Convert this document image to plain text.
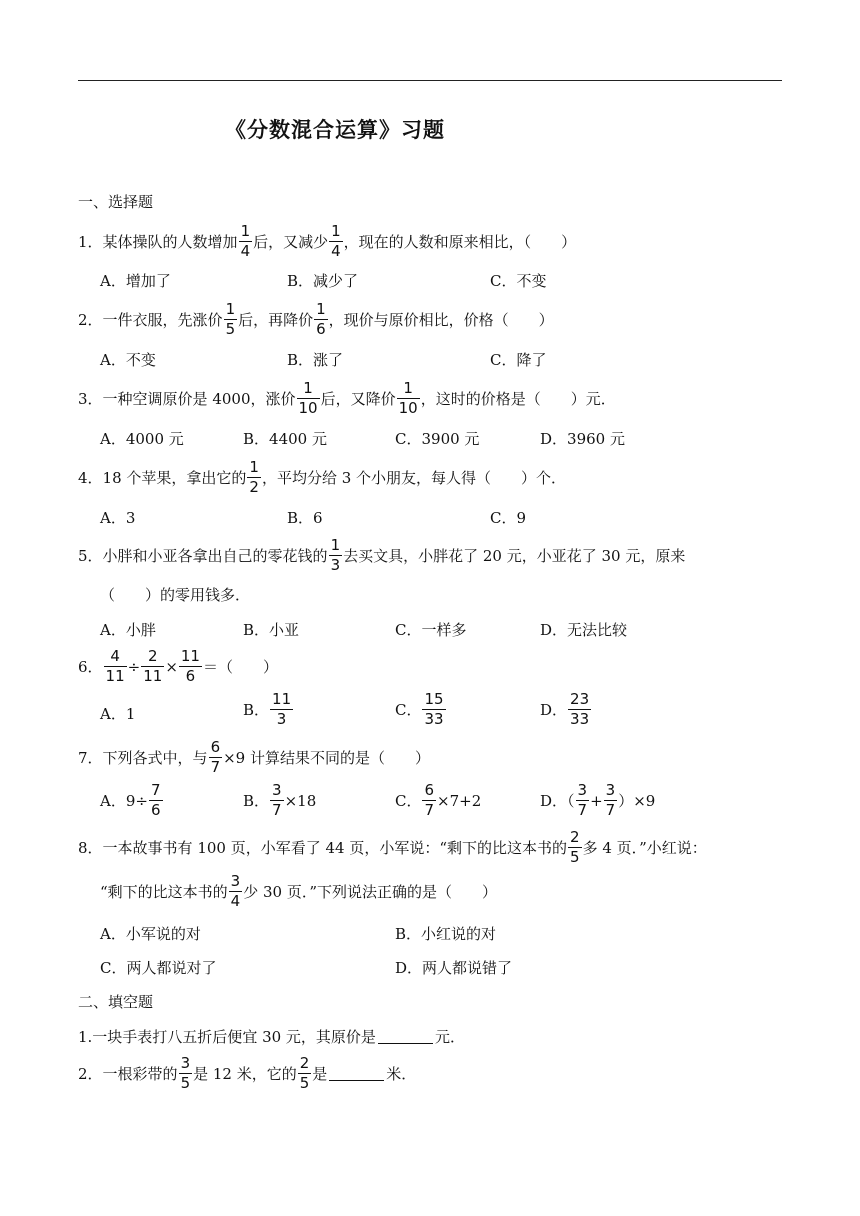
《分数混合运算》习题
一、选择题
1． 某体操队的人数增加 $\frac{1}{4}$ 后，又减少 $\frac{1}{4}$ ，现在的人数和原来相比，（　　）
A．增加了	B．减少了	C．不变
2． 一件衣服，先涨价 $\frac{1}{5}$ 后，再降价 $\frac{1}{6}$ ，现价与原价相比，价格（　　）
A．不变	B．涨了	C．降了
3． 一种空调原价是 4000，涨价 $\frac{1}{10}$ 后，又降价 $\frac{1}{10}$ ，这时的价格是（　　）元．
A．4000 元	B．4400 元	C．3900 元	D．3960 元
4． 18 个苹果，拿出它的 $\frac{1}{2}$ ，平均分给 3 个小朋友，每人得（　　）个．
A．3	B．6	C．9
5． 小胖和小亚各拿出自己的零花钱的 $\frac{1}{3}$ 去买文具，小胖花了 20 元，小亚花了 30 元，原来
（　　）的零用钱多．
A．小胖	B．小亚	C．一样多	D．无法比较
6． $\frac{4}{11} \div \frac{2}{11} \times \frac{11}{6}$ ＝（　　）
A．1	B． $\frac{11}{3}$	C． $\frac{15}{33}$	D． $\frac{23}{33}$
7． 下列各式中，与 $\frac{6}{7} \times 9$ 计算结果不同的是（　　）
A．$9\div \frac{7}{6}$	B． $\frac{3}{7} \times 18$	C． $\frac{6}{7} \times 7+2$	D．（ $\frac{3}{7} + \frac{3}{7} )\times 9$
8． 一本故事书有 100 页，小军看了 44 页，小军说：“剩下的比这本书的 $\frac{2}{5}$ 多 4 页．”小红说：
“剩下的比这本书的 $\frac{3}{4}$ 少 30 页．”下列说法正确的是（　　）
A．小军说的对	B．小红说的对
C．两人都说对了	D．两人都说错了
二、填空题
1.一块手表打八五折后便宜 30 元，其原价是	元．
2． 一根彩带的 $\frac{3}{5}$ 是 12 米，它的 $\frac{2}{5}$ 是	米．
